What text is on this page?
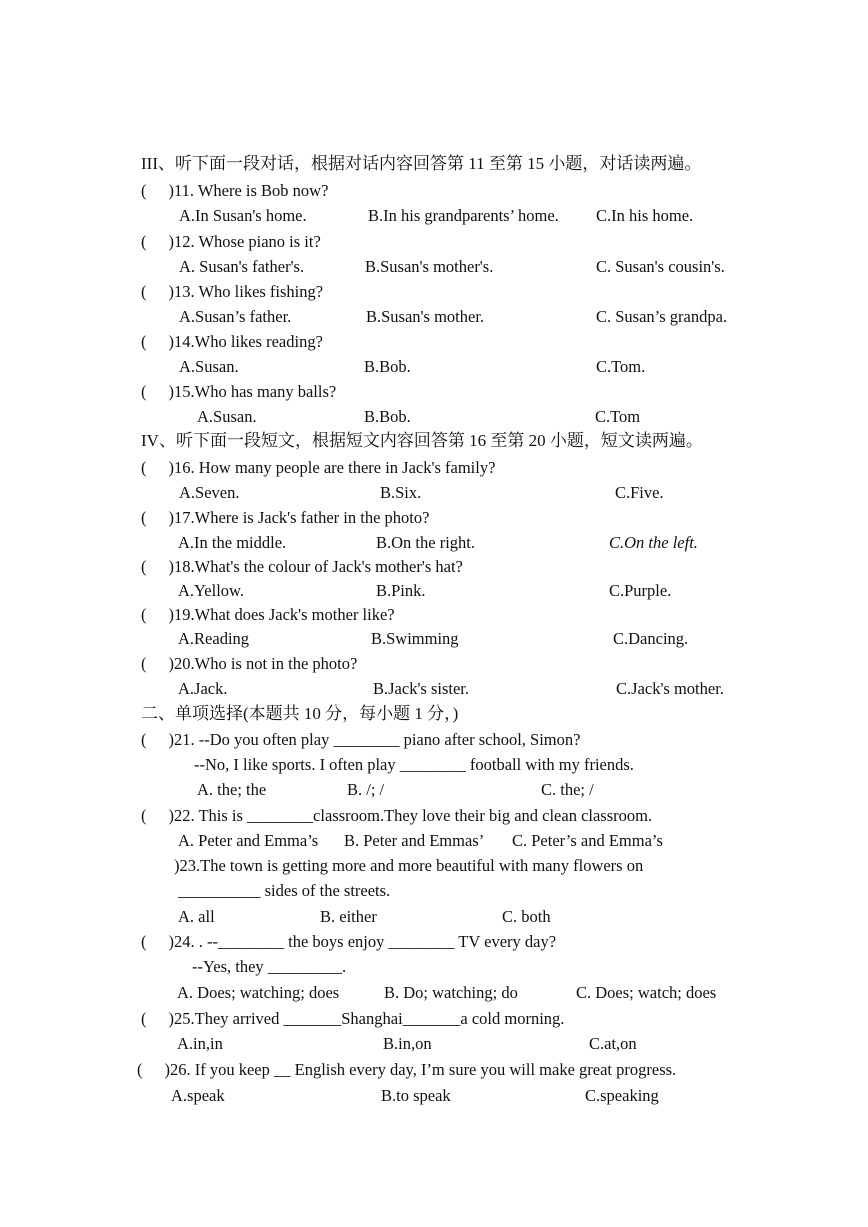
III、听下面一段对话，根据对话内容回答第 11 至第 15 小题，对话读两遍。
( )11. Where is Bob now?
A.In Susan's home.	B.In his grandparents’ home. C.In his home.
( )12. Whose piano is it?
A. Susan's father's.	B.Susan's mother's.	C. Susan's cousin's.
( )13. Who likes fishing?
A.Susan’s father.	B.Susan's mother.	C. Susan’s grandpa.
( )14.Who likes reading?
A.Susan.	B.Bob.	C.Tom.
( )15.Who has many balls?
A.Susan.	B.Bob.	C.Tom
IV、听下面一段短文，根据短文内容回答第 16 至第 20 小题，短文读两遍。
( )16. How many people are there in Jack's family?
A.Seven.	B.Six.	C.Five.
( )17.Where is Jack's father in the photo?
A.In the middle.	B.On the right.	C.On the left.
( )18.What's the colour of Jack's mother's hat?
A.Yellow.	B.Pink.	C.Purple.
( )19.What does Jack's mother like?
A.Reading	B.Swimming	C.Dancing.
( )20.Who is not in the photo?
A.Jack.	B.Jack's sister.	C.Jack's mother.
二、单项选择(本题共 10 分，每小题 1 分，)
( )21. --Do you often play ________ piano after school, Simon?
--No, I like sports. I often play ________ football with my friends.
A. the; the	B. /; /	C. the; /
( )22. This is ________classroom.They love their big and clean classroom.
A. Peter and Emma’s B. Peter and Emmas’ C. Peter’s and Emma’s
)23.The town is getting more and more beautiful with many flowers on
__________ sides of the streets.
A. all	B. either	C. both
( )24. . --________ the boys enjoy ________ TV every day?
--Yes, they _________.
A. Does; watching; does	B. Do; watching; do	C. Does; watch; does
( )25.They arrived _______Shanghai_______a cold morning.
A.in,in	B.in,on	C.at,on
( )26. If you keep __ English every day, I’m sure you will make great progress.
A.speak	B.to speak	C.speaking
